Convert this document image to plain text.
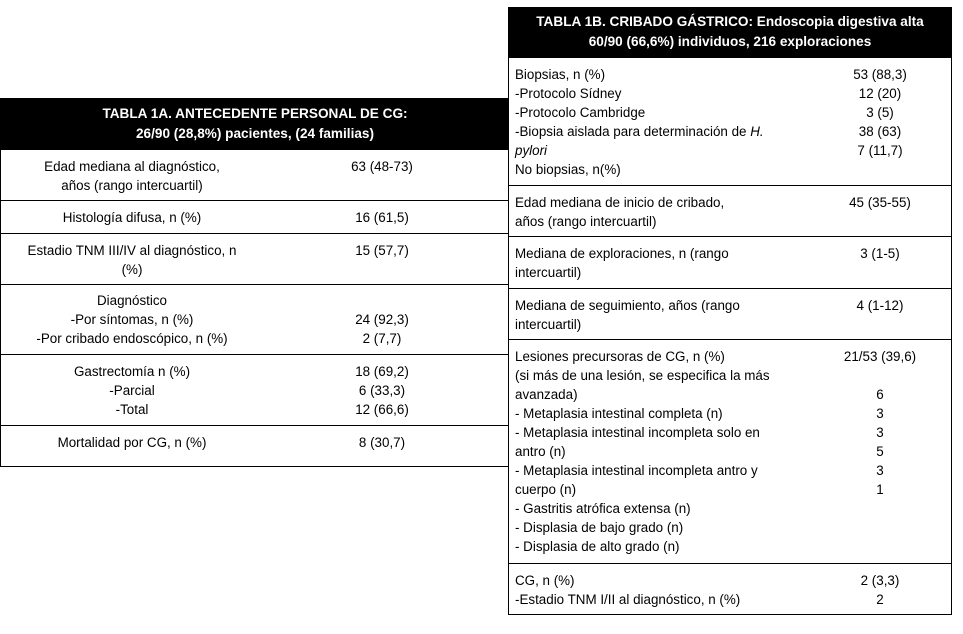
TABLA 1A. ANTECEDENTE PERSONAL DE CG:
26/90 (28,8%) pacientes, (24 familias)
Edad mediana al diagnóstico,
años (rango intercuartil)
63 (48-73)
Histología difusa, n (%)	16 (61,5)
Estadio TNM III/IV al diagnóstico, n
(%)
15 (57,7)
Diagnóstico
-Por síntomas, n (%)
-Por cribado endoscópico, n (%)
24 (92,3)
2 (7,7)
Gastrectomía n (%)
-Parcial
-Total
18 (69,2)
6 (33,3)
12 (66,6)
Mortalidad por CG, n (%)	8 (30,7)
TABLA 1B. CRIBADO GÁSTRICO: Endoscopia digestiva alta
60/90 (66,6%) individuos, 216 exploraciones
Biopsias, n (%)
-Protocolo Sídney
-Protocolo Cambridge
-Biopsia aislada para determinación de H.
pylori
No biopsias, n(%)
53 (88,3)
12 (20)
3 (5)
38 (63)
7 (11,7)
Edad mediana de inicio de cribado,
años (rango intercuartil)
45 (35-55)
Mediana de exploraciones, n (rango
intercuartil)
3 (1-5)
Mediana de seguimiento, años (rango
intercuartil)
4 (1-12)
Lesiones precursoras de CG, n (%)
(si más de una lesión, se especifica la más
avanzada)
- Metaplasia intestinal completa (n)
- Metaplasia intestinal incompleta solo en
antro (n)
- Metaplasia intestinal incompleta antro y
cuerpo (n)
- Gastritis atrófica extensa (n)
- Displasia de bajo grado (n)
- Displasia de alto grado (n)
21/53 (39,6)
6
3
3
5
3
1
CG, n (%)
-Estadio TNM I/II al diagnóstico, n (%)
2 (3,3)
2
